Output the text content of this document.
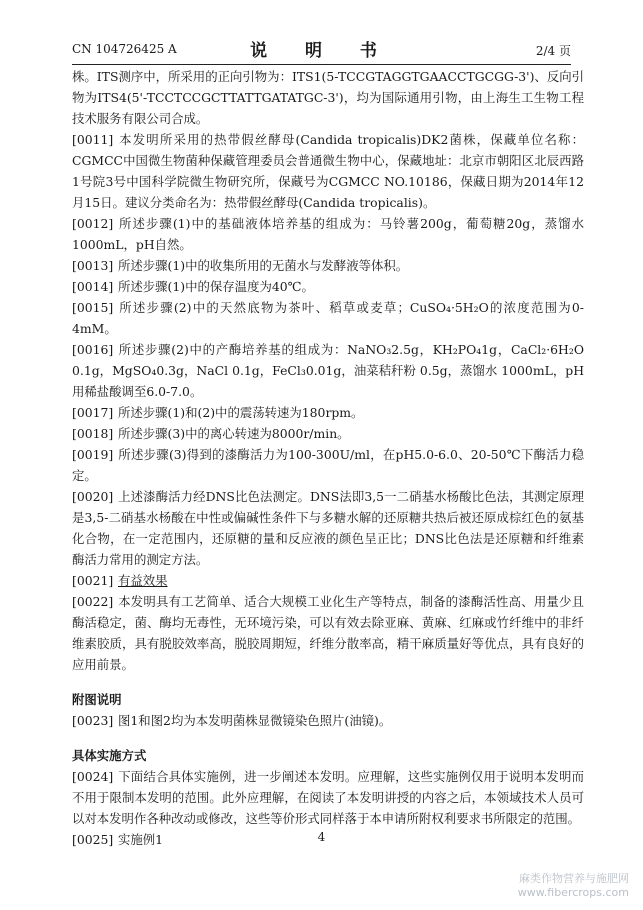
CN 104726425 A	说 明 书	2/4 页

株。ITS测序中，所采用的正向引物为：ITS1(5-TCCGTAGGTGAACCTGCGG-3')、反向引物为ITS4(5'-TCCTCCGCTTATTGATATGC-3')，均为国际通用引物，由上海生工生物工程技术服务有限公司合成。

[0011] 本发明所采用的热带假丝酵母(Candida tropicalis)DK2菌株，保藏单位名称：CGMCC中国微生物菌种保藏管理委员会普通微生物中心，保藏地址：北京市朝阳区北辰西路1号院3号中国科学院微生物研究所，保藏号为CGMCC NO.10186，保藏日期为2014年12月15日。建议分类命名为：热带假丝酵母(Candida tropicalis)。

[0012] 所述步骤(1)中的基础液体培养基的组成为：马铃薯200g，葡萄糖20g，蒸馏水1000mL，pH自然。

[0013] 所述步骤(1)中的收集所用的无菌水与发酵液等体积。

[0014] 所述步骤(1)中的保存温度为40℃。

[0015] 所述步骤(2)中的天然底物为茶叶、稻草或麦草；CuSO₄·5H₂O的浓度范围为0-4mM。

[0016] 所述步骤(2)中的产酶培养基的组成为：NaNO₃2.5g，KH₂PO₄1g，CaCl₂·6H₂O 0.1g，MgSO₄0.3g，NaCl 0.1g，FeCl₃0.01g，油菜秸秆粉 0.5g，蒸馏水 1000mL，pH用稀盐酸调至6.0-7.0。

[0017] 所述步骤(1)和(2)中的震荡转速为180rpm。

[0018] 所述步骤(3)中的离心转速为8000r/min。

[0019] 所述步骤(3)得到的漆酶活力为100-300U/ml，在pH5.0-6.0、20-50℃下酶活力稳定。

[0020] 上述漆酶活力经DNS比色法测定。DNS法即3,5一二硝基水杨酸比色法，其测定原理是3,5-二硝基水杨酸在中性或偏碱性条件下与多糖水解的还原糖共热后被还原成棕红色的氨基化合物，在一定范围内，还原糖的量和反应液的颜色呈正比；DNS比色法是还原糖和纤维素酶活力常用的测定方法。

[0021] 有益效果

[0022] 本发明具有工艺简单、适合大规模工业化生产等特点，制备的漆酶活性高、用量少且酶活稳定，菌、酶均无毒性，无环境污染，可以有效去除亚麻、黄麻、红麻或竹纤维中的非纤维素胶质，具有脱胶效率高，脱胶周期短，纤维分散率高，精干麻质量好等优点，具有良好的应用前景。

附图说明

[0023] 图1和图2均为本发明菌株显微镜染色照片(油镜)。

具体实施方式

[0024] 下面结合具体实施例，进一步阐述本发明。应理解，这些实施例仅用于说明本发明而不用于限制本发明的范围。此外应理解，在阅读了本发明讲授的内容之后，本领域技术人员可以对本发明作各种改动或修改，这些等价形式同样落于本申请所附权利要求书所限定的范围。

[0025] 实施例1	4
麻类作物营养与施肥网
www.fibercrops.com
